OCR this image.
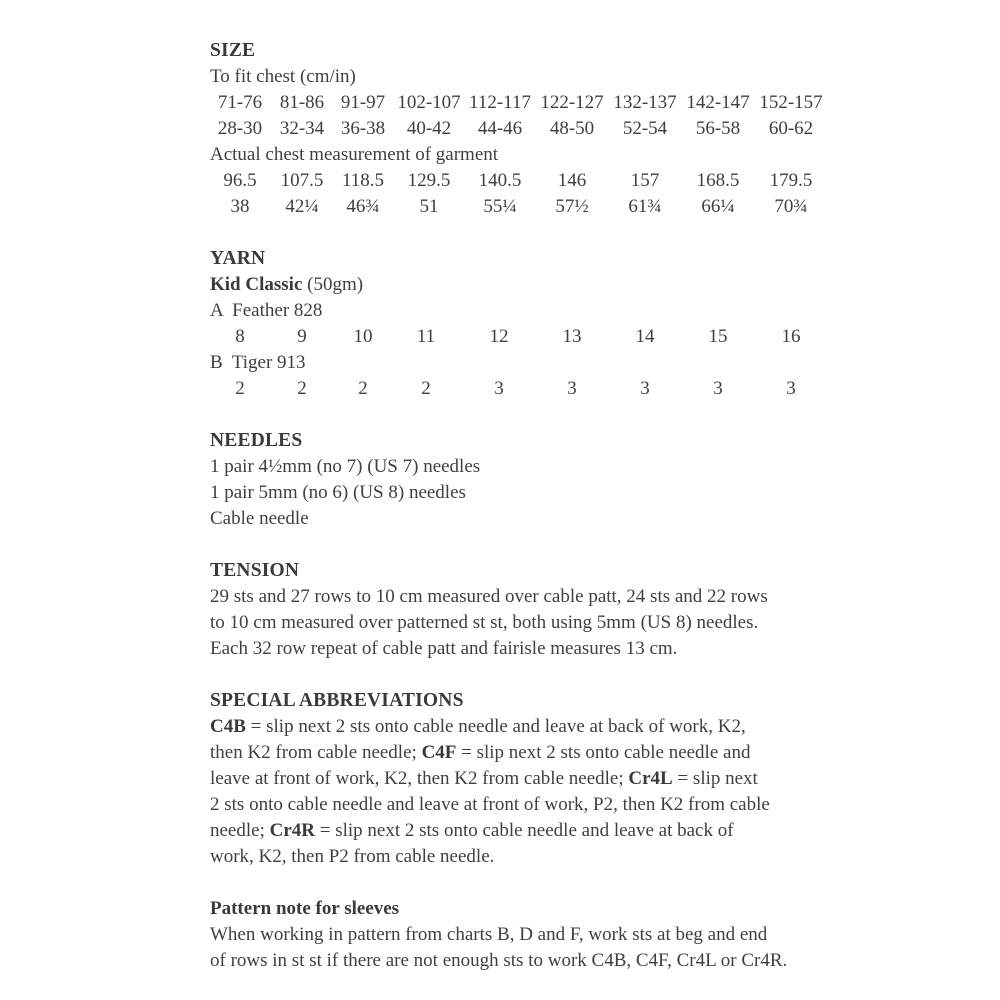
SIZE
To fit chest (cm/in)
71-76 81-86 91-97 102-107 112-117 122-127 132-137 142-147 152-157
28-30 32-34 36-38 40-42 44-46 48-50 52-54 56-58 60-62
Actual chest measurement of garment
96.5 107.5 118.5 129.5 140.5 146 157 168.5 179.5
38 42¼ 46¾ 51 55¼ 57½ 61¾ 66¼ 70¾
YARN
Kid Classic (50gm)
A  Feather 828
8	9 10 11	12	13	14	15	16
B  Tiger 913
2	2	2	2	3	3	3	3	3
NEEDLES
1 pair 4½mm (no 7) (US 7) needles
1 pair 5mm (no 6) (US 8) needles
Cable needle
TENSION
29 sts and 27 rows to 10 cm measured over cable patt, 24 sts and 22 rows
to 10 cm measured over patterned st st, both using 5mm (US 8) needles.
Each 32 row repeat of cable patt and fairisle measures 13 cm.
SPECIAL ABBREVIATIONS
C4B = slip next 2 sts onto cable needle and leave at back of work, K2,
then K2 from cable needle; C4F = slip next 2 sts onto cable needle and
leave at front of work, K2, then K2 from cable needle; Cr4L = slip next
2 sts onto cable needle and leave at front of work, P2, then K2 from cable
needle; Cr4R = slip next 2 sts onto cable needle and leave at back of
work, K2, then P2 from cable needle.
Pattern note for sleeves
When working in pattern from charts B, D and F, work sts at beg and end
of rows in st st if there are not enough sts to work C4B, C4F, Cr4L or Cr4R.
